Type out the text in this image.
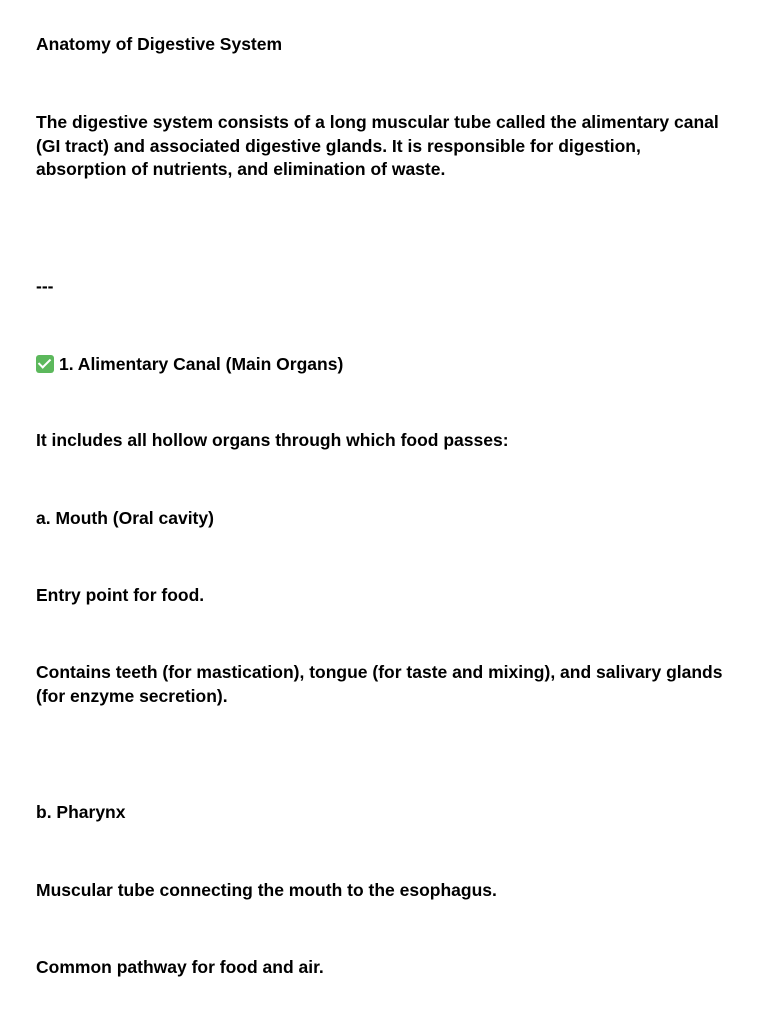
Anatomy of Digestive System

The digestive system consists of a long muscular tube called the alimentary canal (GI tract) and associated digestive glands. It is responsible for digestion, absorption of nutrients, and elimination of waste.

---

1. Alimentary Canal (Main Organs)

It includes all hollow organs through which food passes:

a. Mouth (Oral cavity)

Entry point for food.

Contains teeth (for mastication), tongue (for taste and mixing), and salivary glands (for enzyme secretion).

b. Pharynx

Muscular tube connecting the mouth to the esophagus.

Common pathway for food and air.
